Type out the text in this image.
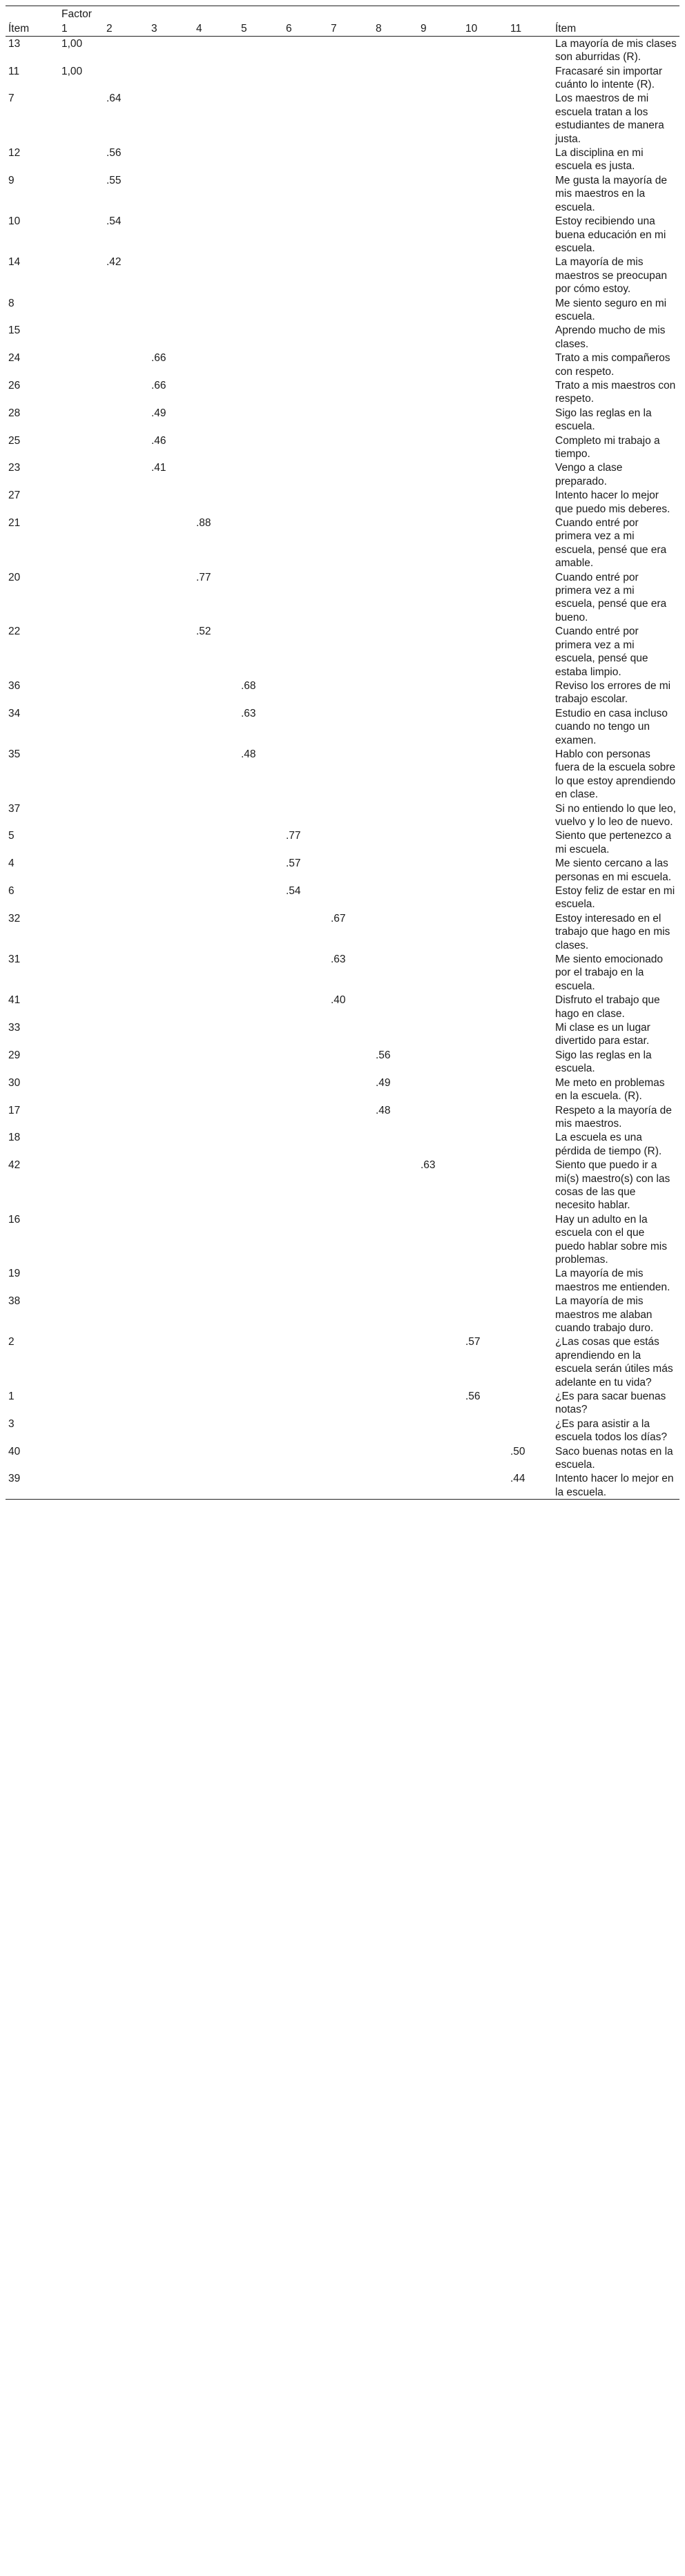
	Factor											
Ítem	1	2	3	4	5	6	7	8	9	10	11	Ítem
13	1,00											La mayoría de mis clases son aburridas (R).
11	1,00											Fracasaré sin importar cuánto lo intente (R).
7		.64										Los maestros de mi escuela tratan a los estudiantes de manera justa.
12		.56										La disciplina en mi escuela es justa.
9		.55										Me gusta la mayoría de mis maestros en la escuela.
10		.54										Estoy recibiendo una buena educación en mi escuela.
14		.42										La mayoría de mis maestros se preocupan por cómo estoy.
8												Me siento seguro en mi escuela.
15												Aprendo mucho de mis clases.
24			.66									Trato a mis compañeros con respeto.
26			.66									Trato a mis maestros con respeto.
28			.49									Sigo las reglas en la escuela.
25			.46									Completo mi trabajo a tiempo.
23			.41									Vengo a clase preparado.
27												Intento hacer lo mejor que puedo mis deberes.
21				.88								Cuando entré por primera vez a mi escuela, pensé que era amable.
20				.77								Cuando entré por primera vez a mi escuela, pensé que era bueno.
22				.52								Cuando entré por primera vez a mi escuela, pensé que estaba limpio.
36					.68							Reviso los errores de mi trabajo escolar.
34					.63							Estudio en casa incluso cuando no tengo un examen.
35					.48							Hablo con personas fuera de la escuela sobre lo que estoy aprendiendo en clase.
37												Si no entiendo lo que leo, vuelvo y lo leo de nuevo.
5						.77						Siento que pertenezco a mi escuela.
4						.57						Me siento cercano a las personas en mi escuela.
6						.54						Estoy feliz de estar en mi escuela.
32							.67					Estoy interesado en el trabajo que hago en mis clases.
31							.63					Me siento emocionado por el trabajo en la escuela.
41							.40					Disfruto el trabajo que hago en clase.
33												Mi clase es un lugar divertido para estar.
29								.56				Sigo las reglas en la escuela.
30								.49				Me meto en problemas en la escuela. (R).
17								.48				Respeto a la mayoría de mis maestros.
18												La escuela es una pérdida de tiempo (R).
42									.63			Siento que puedo ir a mi(s) maestro(s) con las cosas de las que necesito hablar.
16												Hay un adulto en la escuela con el que puedo hablar sobre mis problemas.
19												La mayoría de mis maestros me entienden.
38												La mayoría de mis maestros me alaban cuando trabajo duro.
2										.57		¿Las cosas que estás aprendiendo en la escuela serán útiles más adelante en tu vida?
1										.56		¿Es para sacar buenas notas?
3												¿Es para asistir a la escuela todos los días?
40											.50	Saco buenas notas en la escuela.
39											.44	Intento hacer lo mejor en la escuela.
